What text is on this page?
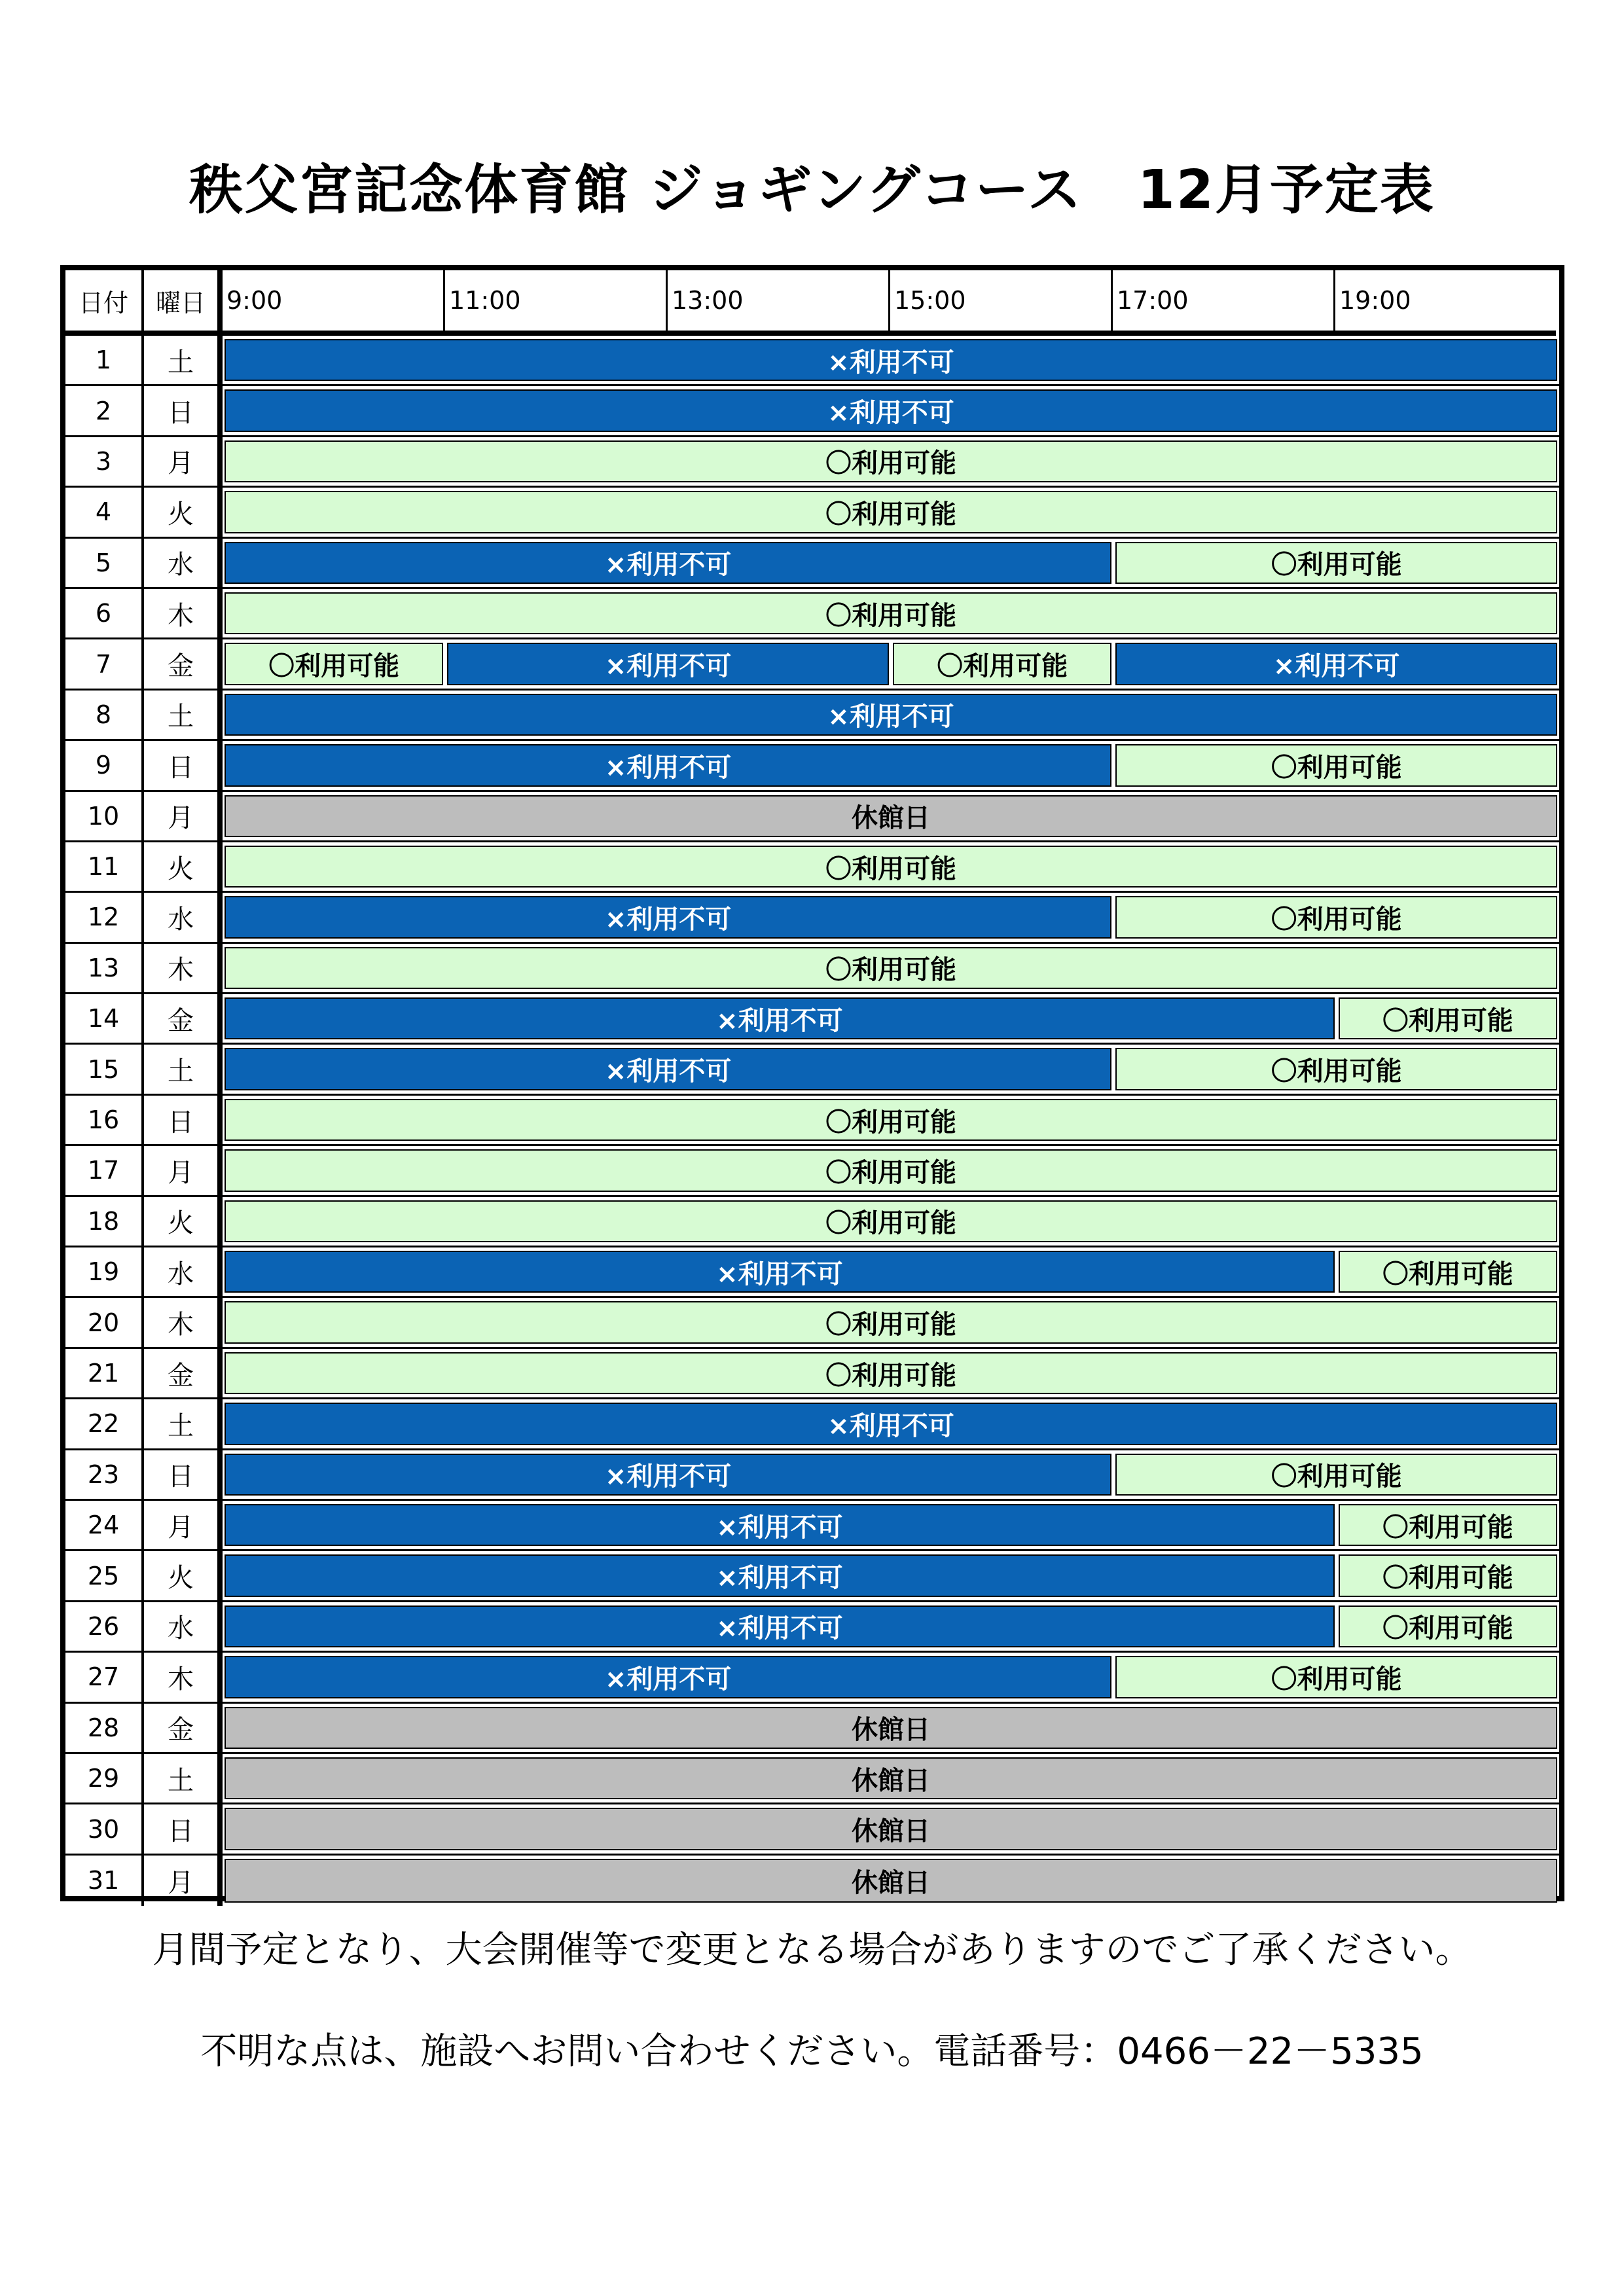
秩父宮記念体育館 ジョギングコース　12月予定表
日付	曜日 9:00	11:00	13:00	15:00	17:00	19:00
1	土	×利用不可
2	日	×利用不可
3	月	〇利用可能
4	火	〇利用可能
5	水	×利用不可	〇利用可能
6	木	〇利用可能
7	金	〇利用可能	×利用不可	〇利用可能	×利用不可
8	土	×利用不可
9	日	×利用不可	〇利用可能
10	月	休館日
11	火	〇利用可能
12	水	×利用不可	〇利用可能
13	木	〇利用可能
14	金	×利用不可	〇利用可能
15	土	×利用不可	〇利用可能
16	日	〇利用可能
17	月	〇利用可能
18	火	〇利用可能
19	水	×利用不可	〇利用可能
20	木	〇利用可能
21	金	〇利用可能
22	土	×利用不可
23	日	×利用不可	〇利用可能
24	月	×利用不可	〇利用可能
25	火	×利用不可	〇利用可能
26	水	×利用不可	〇利用可能
27	木	×利用不可	〇利用可能
28	金	休館日
29	土	休館日
30	日	休館日
31	月	休館日
月間予定となり、大会開催等で変更となる場合がありますのでご了承ください。
不明な点は、施設へお問い合わせください。電話番号：0466－22－5335
